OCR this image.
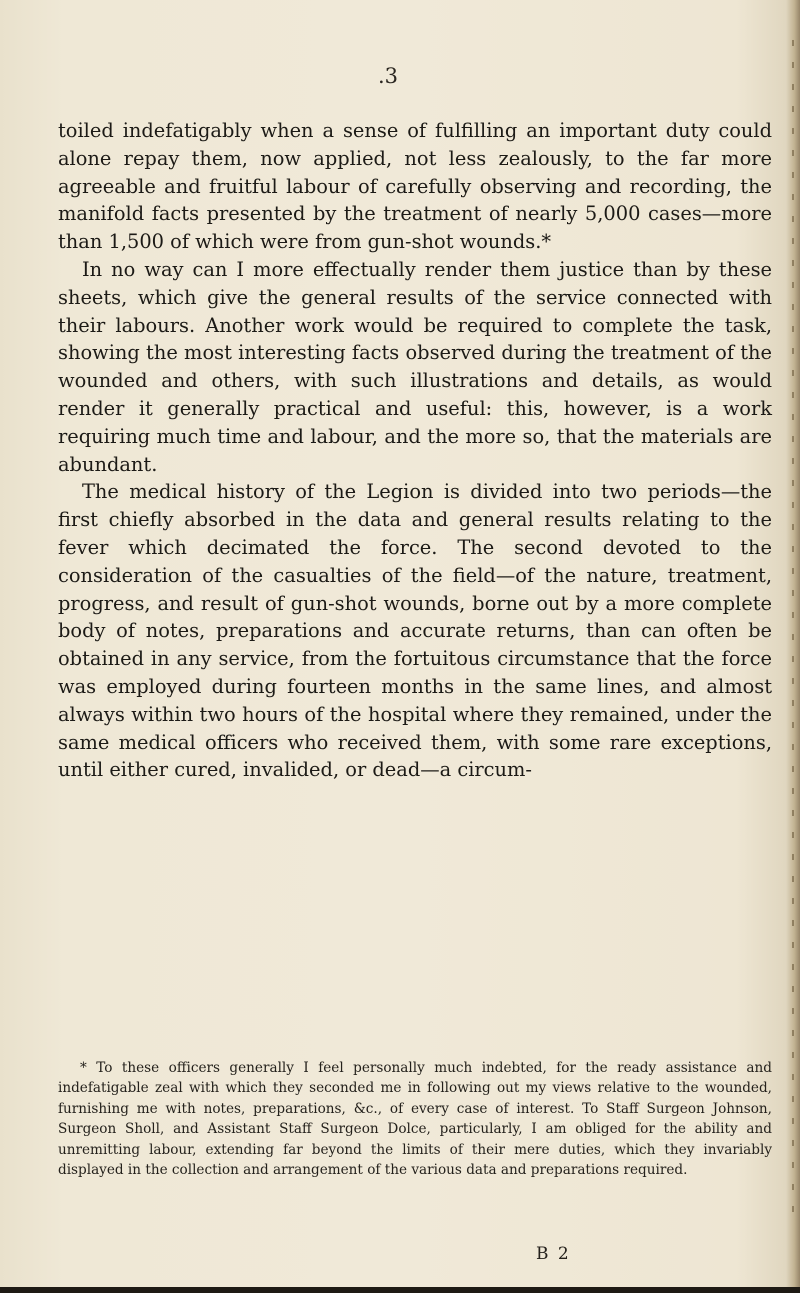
.3

toiled indefatigably when a sense of fulfilling an important duty could alone repay them, now applied, not less zealously, to the far more agreeable and fruitful labour of carefully observing and recording, the manifold facts presented by the treatment of nearly 5,000 cases—more than 1,500 of which were from gun-shot wounds.*

In no way can I more effectually render them justice than by these sheets, which give the general results of the service connected with their labours. Another work would be required to complete the task, showing the most interesting facts observed during the treatment of the wounded and others, with such illustrations and details, as would render it generally practical and useful: this, however, is a work requiring much time and labour, and the more so, that the materials are abundant.

The medical history of the Legion is divided into two periods—the first chiefly absorbed in the data and general results relating to the fever which decimated the force. The second devoted to the consideration of the casualties of the field—of the nature, treatment, progress, and result of gun-shot wounds, borne out by a more complete body of notes, preparations and accurate returns, than can often be obtained in any service, from the fortuitous circumstance that the force was employed during fourteen months in the same lines, and almost always within two hours of the hospital where they remained, under the same medical officers who received them, with some rare exceptions, until either cured, invalided, or dead—a circum-

* To these officers generally I feel personally much indebted, for the ready assistance and indefatigable zeal with which they seconded me in following out my views relative to the wounded, furnishing me with notes, preparations, &c., of every case of interest. To Staff Surgeon Johnson, Surgeon Sholl, and Assistant Staff Surgeon Dolce, particularly, I am obliged for the ability and unremitting labour, extending far beyond the limits of their mere duties, which they invariably displayed in the collection and arrangement of the various data and preparations required.

B 2
